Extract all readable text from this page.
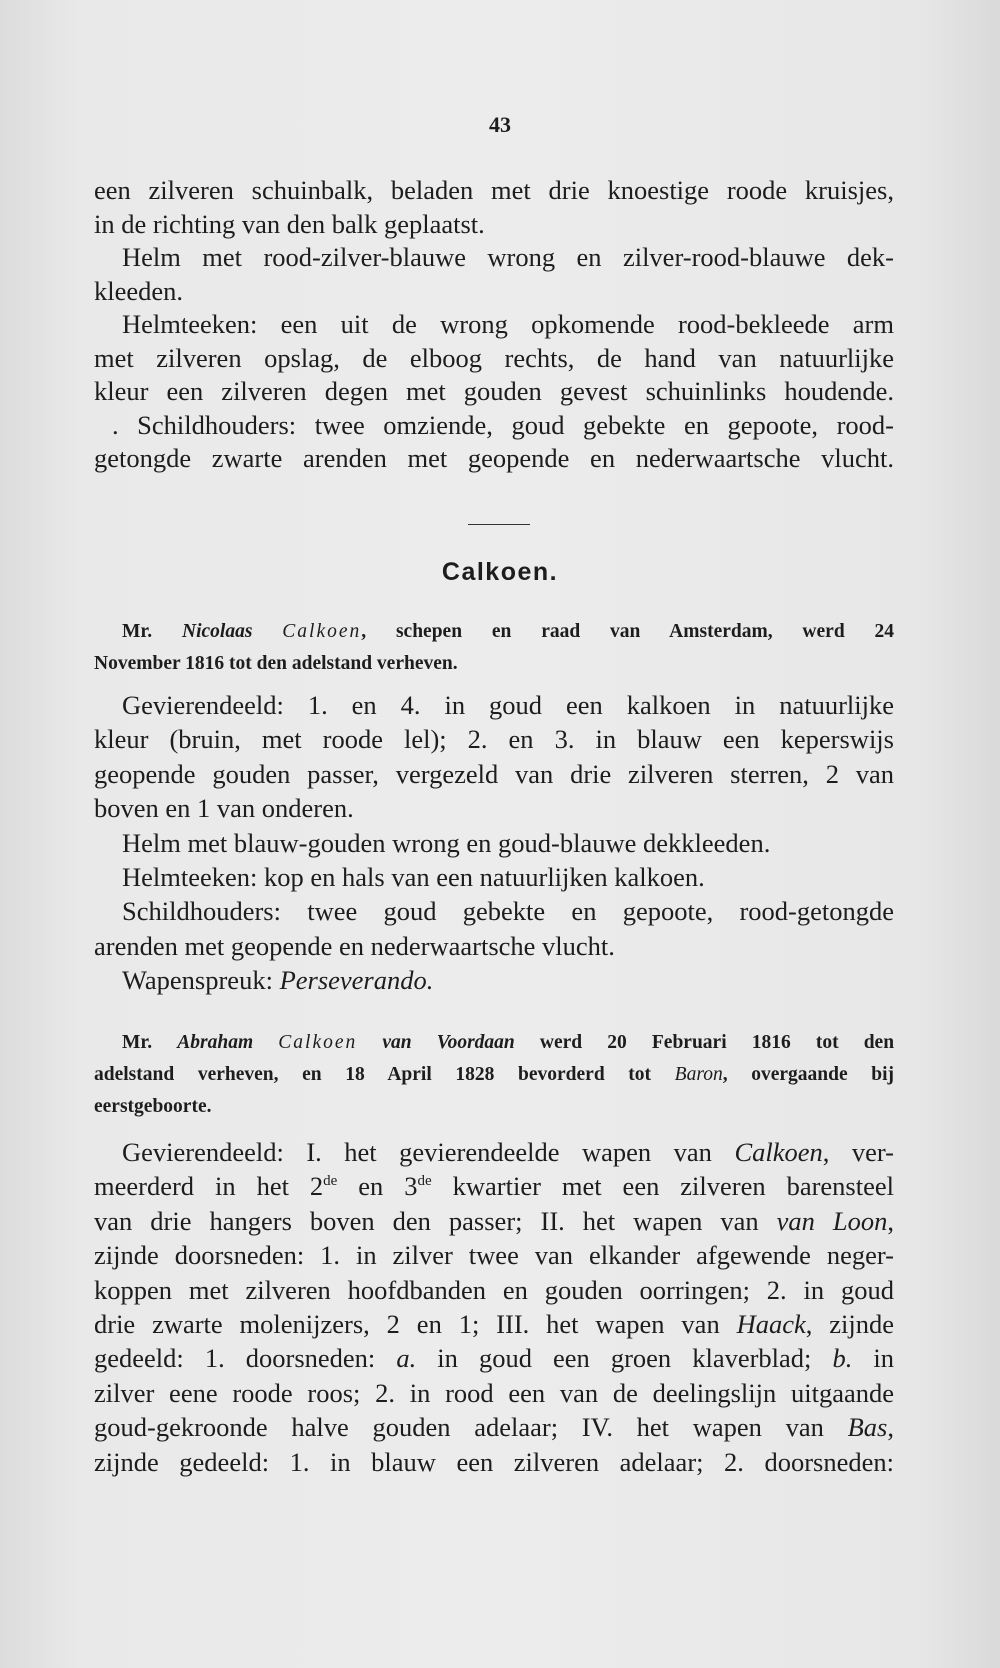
43
een zilveren schuinbalk, beladen met drie knoestige roode kruisjes,
in de richting van den balk geplaatst.
Helm met rood-zilver-blauwe wrong en zilver-rood-blauwe dek-
kleeden.
Helmteeken: een uit de wrong opkomende rood-bekleede arm
met zilveren opslag, de elboog rechts, de hand van natuurlijke
kleur een zilveren degen met gouden gevest schuinlinks houdende.
. Schildhouders: twee omziende, goud gebekte en gepoote, rood-
getongde zwarte arenden met geopende en nederwaartsche vlucht.
Calkoen.
Mr. Nicolaas Calkoen, schepen en raad van Amsterdam, werd 24
November 1816 tot den adelstand verheven.
Gevierendeeld: 1. en 4. in goud een kalkoen in natuurlijke
kleur (bruin, met roode lel); 2. en 3. in blauw een keperswijs
geopende gouden passer, vergezeld van drie zilveren sterren, 2 van
boven en 1 van onderen.
Helm met blauw-gouden wrong en goud-blauwe dekkleeden.
Helmteeken: kop en hals van een natuurlijken kalkoen.
Schildhouders: twee goud gebekte en gepoote, rood-getongde
arenden met geopende en nederwaartsche vlucht.
Wapenspreuk: Perseverando.
Mr. Abraham Calkoen van Voordaan werd 20 Februari 1816 tot den
adelstand verheven, en 18 April 1828 bevorderd tot Baron, overgaande bij
eerstgeboorte.
Gevierendeeld: I. het gevierendeelde wapen van Calkoen, ver-
meerderd in het 2de en 3de kwartier met een zilveren barensteel
van drie hangers boven den passer; II. het wapen van van Loon,
zijnde doorsneden: 1. in zilver twee van elkander afgewende neger-
koppen met zilveren hoofdbanden en gouden oorringen; 2. in goud
drie zwarte molenijzers, 2 en 1; III. het wapen van Haack, zijnde
gedeeld: 1. doorsneden: a. in goud een groen klaverblad; b. in
zilver eene roode roos; 2. in rood een van de deelingslijn uitgaande
goud-gekroonde halve gouden adelaar; IV. het wapen van Bas,
zijnde gedeeld: 1. in blauw een zilveren adelaar; 2. doorsneden:
